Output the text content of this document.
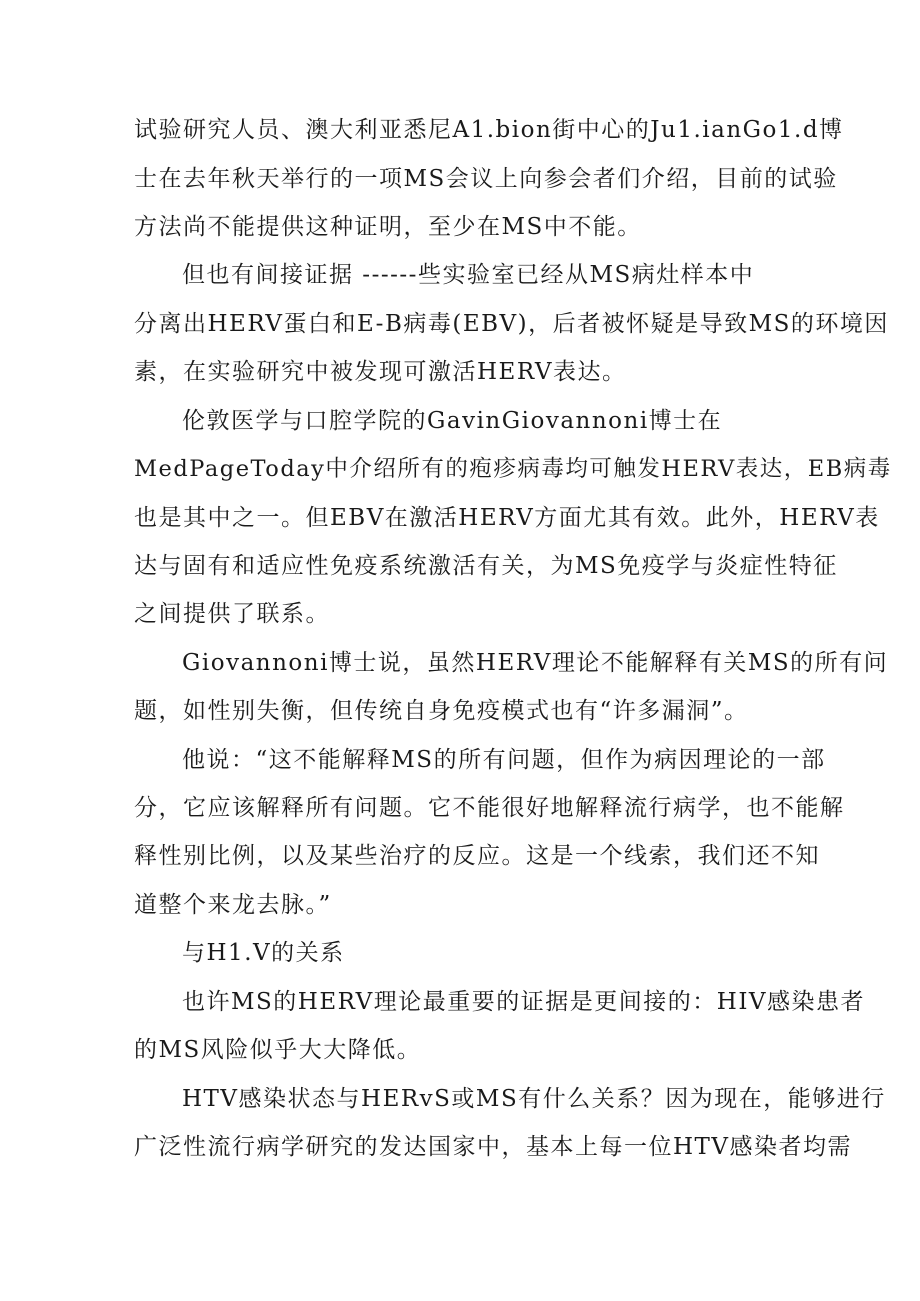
试验研究人员、澳大利亚悉尼A1.bion街中心的Ju1.ianGo1.d博
士在去年秋天举行的一项MS会议上向参会者们介绍，目前的试验
方法尚不能提供这种证明，至少在MS中不能。
但也有间接证据 ------些实验室已经从MS病灶样本中
分离出HERV蛋白和E-B病毒(EBV)，后者被怀疑是导致MS的环境因
素，在实验研究中被发现可激活HERV表达。
伦敦医学与口腔学院的GavinGiovannoni博士在
MedPageToday中介绍所有的疱疹病毒均可触发HERV表达，EB病毒
也是其中之一。但EBV在激活HERV方面尤其有效。此外，HERV表
达与固有和适应性免疫系统激活有关，为MS免疫学与炎症性特征
之间提供了联系。
Giovannoni博士说，虽然HERV理论不能解释有关MS的所有问
题，如性别失衡，但传统自身免疫模式也有“许多漏洞”。
他说：“这不能解释MS的所有问题，但作为病因理论的一部
分，它应该解释所有问题。它不能很好地解释流行病学，也不能解
释性别比例，以及某些治疗的反应。这是一个线索，我们还不知
道整个来龙去脉。”
与H1.V的关系
也许MS的HERV理论最重要的证据是更间接的：HIV感染患者
的MS风险似乎大大降低。
HTV感染状态与HERvS或MS有什么关系？因为现在，能够进行
广泛性流行病学研究的发达国家中，基本上每一位HTV感染者均需
